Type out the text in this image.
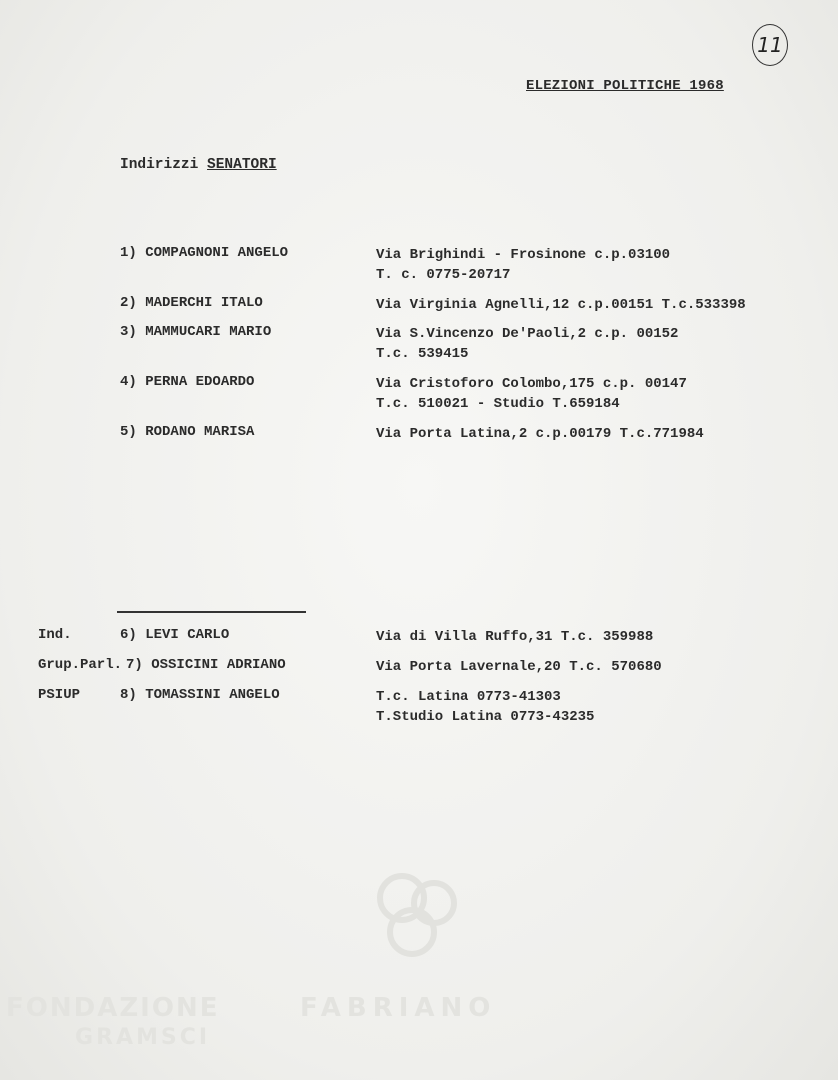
11
ELEZIONI POLITICHE 1968
Indirizzi SENATORI
1) COMPAGNONI ANGELO	Via Brighindi - Frosinone c.p.03100
T. c. 0775-20717
2) MADERCHI ITALO	Via Virginia Agnelli,12 c.p.00151 T.c.533398
3) MAMMUCARI MARIO	Via S.Vincenzo De'Paoli,2 c.p. 00152
T.c. 539415
4) PERNA EDOARDO	Via Cristoforo Colombo,175 c.p. 00147
T.c. 510021 - Studio T.659184
5) RODANO MARISA	Via Porta Latina,2 c.p.00179 T.c.771984
Ind.	6) LEVI CARLO	Via di Villa Ruffo,31 T.c. 359988
Grup.Parl. 7) OSSICINI ADRIANO	Via Porta Lavernale,20 T.c. 570680
PSIUP	8) TOMASSINI ANGELO	T.c. Latina 0773-41303
T.Studio Latina 0773-43235
FONDAZIONE	FABRIANO
GRAMSCI
